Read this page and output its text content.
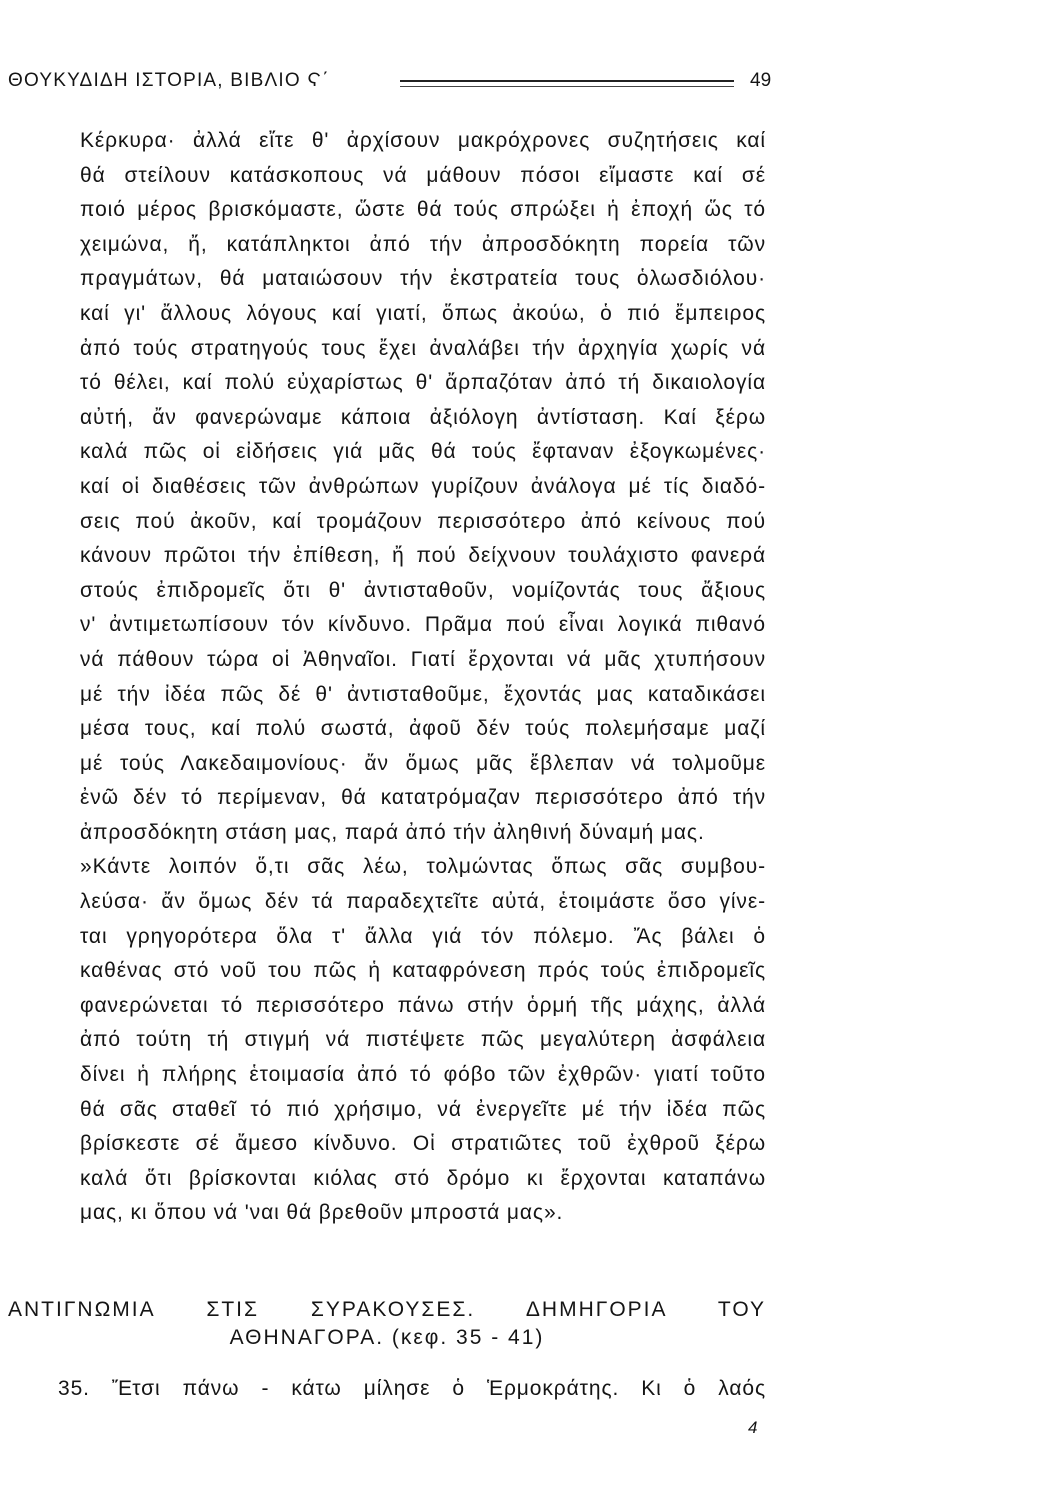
ΘΟΥΚΥΔΙΔΗ ΙΣΤΟΡΙΑ, ΒΙΒΛΙΟ Ϛ΄	49
Κέρκυρα· ἀλλά εἴτε θ' ἀρχίσουν μακρόχρονες συζητήσεις καί
θά στείλουν κατάσκοπους νά μάθουν πόσοι εἴμαστε καί σέ
ποιό μέρος βρισκόμαστε, ὥστε θά τούς σπρώξει ἡ ἐποχή ὥς τό
χειμώνα, ἤ, κατάπληκτοι ἀπό τήν ἀπροσδόκητη πορεία τῶν
πραγμάτων, θά ματαιώσουν τήν ἐκστρατεία τους ὁλωσδιόλου·
καί γι' ἄλλους λόγους καί γιατί, ὅπως ἀκούω, ὁ πιό ἔμπειρος
ἀπό τούς στρατηγούς τους ἔχει ἀναλάβει τήν ἀρχηγία χωρίς νά
τό θέλει, καί πολύ εὐχαρίστως θ' ἄρπαζόταν ἀπό τή δικαιολογία
αὐτή, ἄν φανερώναμε κάποια ἀξιόλογη ἀντίσταση. Καί ξέρω
καλά πῶς οἱ εἰδήσεις γιά μᾶς θά τούς ἔφταναν ἐξογκωμένες·
καί οἱ διαθέσεις τῶν ἀνθρώπων γυρίζουν ἀνάλογα μέ τίς διαδό-
σεις πού ἀκοῦν, καί τρομάζουν περισσότερο ἀπό κείνους πού
κάνουν πρῶτοι τήν ἐπίθεση, ἤ πού δείχνουν τουλάχιστο φανερά
στούς ἐπιδρομεῖς ὅτι θ' ἀντισταθοῦν, νομίζοντάς τους ἄξιους
ν' ἀντιμετωπίσουν τόν κίνδυνο. Πρᾶμα πού εἶναι λογικά πιθανό
νά πάθουν τώρα οἱ Ἀθηναῖοι. Γιατί ἔρχονται νά μᾶς χτυπήσουν
μέ τήν ἰδέα πῶς δέ θ' ἀντισταθοῦμε, ἔχοντάς μας καταδικάσει
μέσα τους, καί πολύ σωστά, ἀφοῦ δέν τούς πολεμήσαμε μαζί
μέ τούς Λακεδαιμονίους· ἄν ὅμως μᾶς ἔβλεπαν νά τολμοῦμε
ἐνῶ δέν τό περίμεναν, θά κατατρόμαζαν περισσότερο ἀπό τήν
ἀπροσδόκητη στάση μας, παρά ἀπό τήν ἀληθινή δύναμή μας.
»Κάντε λοιπόν ὅ,τι σᾶς λέω, τολμώντας ὅπως σᾶς συμβου-
λεύσα· ἄν ὅμως δέν τά παραδεχτεῖτε αὐτά, ἑτοιμάστε ὅσο γίνε-
ται γρηγορότερα ὅλα τ' ἄλλα γιά τόν πόλεμο. Ἄς βάλει ὁ
καθένας στό νοῦ του πῶς ἡ καταφρόνεση πρός τούς ἐπιδρομεῖς
φανερώνεται τό περισσότερο πάνω στήν ὁρμή τῆς μάχης, ἀλλά
ἀπό τούτη τή στιγμή νά πιστέψετε πῶς μεγαλύτερη ἀσφάλεια
δίνει ἡ πλήρης ἑτοιμασία ἀπό τό φόβο τῶν ἐχθρῶν· γιατί τοῦτο
θά σᾶς σταθεῖ τό πιό χρήσιμο, νά ἐνεργεῖτε μέ τήν ἰδέα πῶς
βρίσκεστε σέ ἄμεσο κίνδυνο. Οἱ στρατιῶτες τοῦ ἐχθροῦ ξέρω
καλά ὅτι βρίσκονται κιόλας στό δρόμο κι ἔρχονται καταπάνω
μας, κι ὅπου νά 'ναι θά βρεθοῦν μπροστά μας».
ΑΝΤΙΓΝΩΜΙΑ ΣΤΙΣ ΣΥΡΑΚΟΥΣΕΣ. ΔΗΜΗΓΟΡΙΑ ΤΟΥ
ΑΘΗΝΑΓΟΡΑ. (κεφ. 35 - 41)
35. Ἔτσι πάνω - κάτω μίλησε ὁ Ἑρμοκράτης. Κι ὁ λαός
4
